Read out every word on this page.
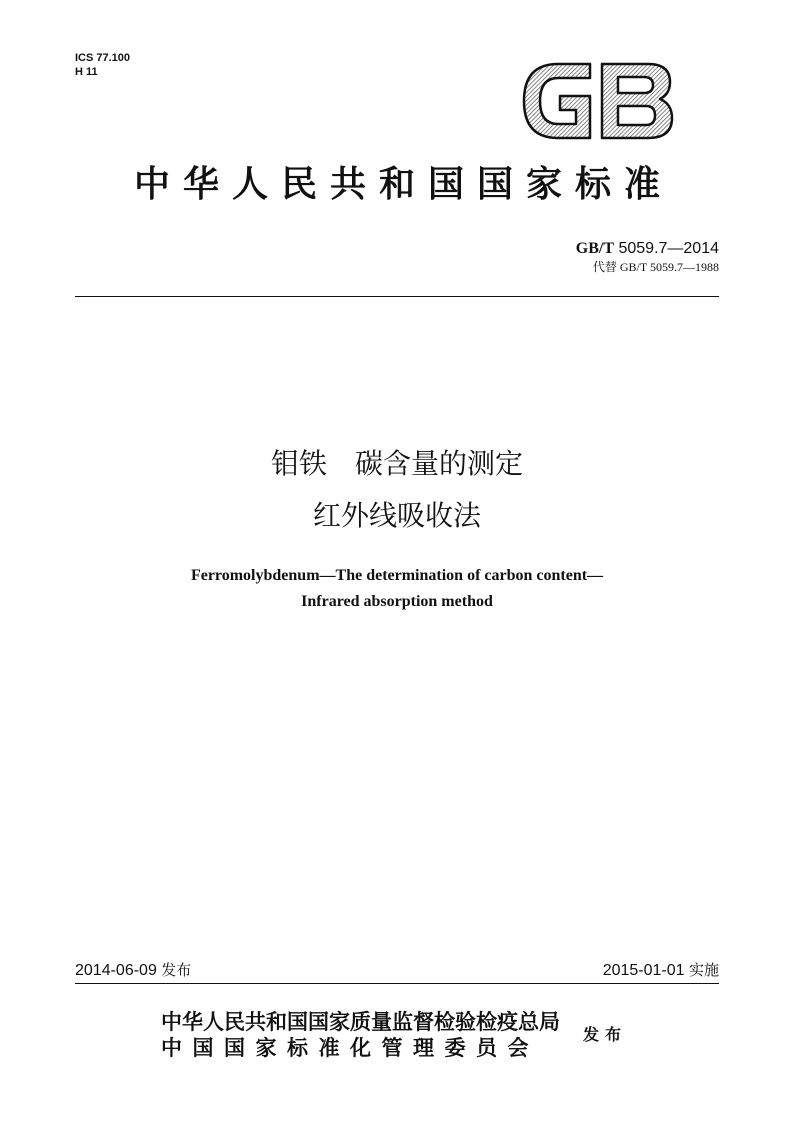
ICS 77.100
H 11
中华人民共和国国家标准
GB/T 5059.7—2014
代替 GB/T 5059.7—1988
钼铁　碳含量的测定
红外线吸收法
Ferromolybdenum—The determination of carbon content—
Infrared absorption method
2014-06-09 发布	2015-01-01 实施
中华人民共和国国家质量监督检验检疫总局
中国国家标准化管理委员会
发布
